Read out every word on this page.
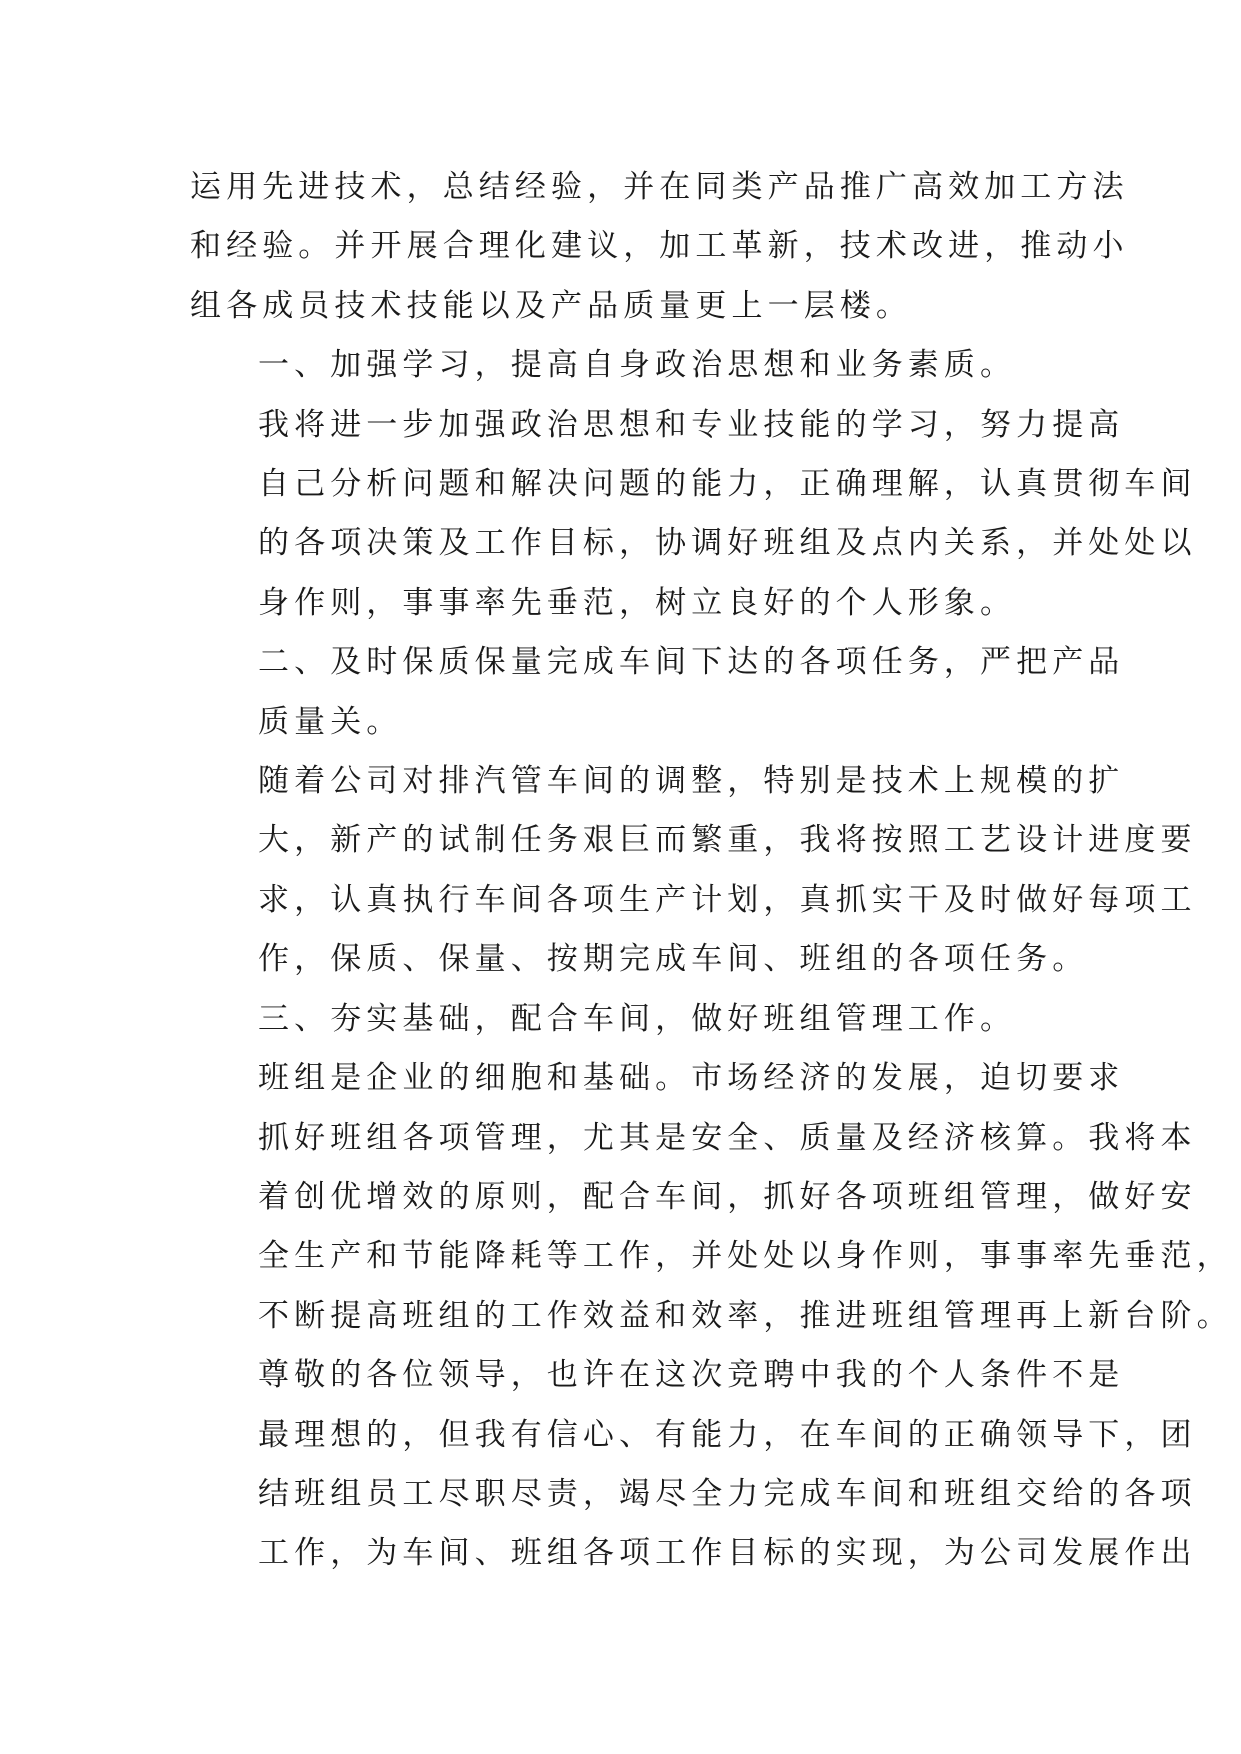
运用先进技术，总结经验，并在同类产品推广高效加工方法
和经验。并开展合理化建议，加工革新，技术改进，推动小
组各成员技术技能以及产品质量更上一层楼。

一、加强学习，提高自身政治思想和业务素质。

我将进一步加强政治思想和专业技能的学习，努力提高
自己分析问题和解决问题的能力，正确理解，认真贯彻车间
的各项决策及工作目标，协调好班组及点内关系，并处处以
身作则，事事率先垂范，树立良好的个人形象。

二、及时保质保量完成车间下达的各项任务，严把产品
质量关。

随着公司对排汽管车间的调整，特别是技术上规模的扩
大，新产的试制任务艰巨而繁重，我将按照工艺设计进度要
求，认真执行车间各项生产计划，真抓实干及时做好每项工
作，保质、保量、按期完成车间、班组的各项任务。

三、夯实基础，配合车间，做好班组管理工作。

班组是企业的细胞和基础。市场经济的发展，迫切要求
抓好班组各项管理，尤其是安全、质量及经济核算。我将本
着创优增效的原则，配合车间，抓好各项班组管理，做好安
全生产和节能降耗等工作，并处处以身作则，事事率先垂范，
不断提高班组的工作效益和效率，推进班组管理再上新台阶。

尊敬的各位领导，也许在这次竞聘中我的个人条件不是
最理想的，但我有信心、有能力，在车间的正确领导下，团
结班组员工尽职尽责，竭尽全力完成车间和班组交给的各项
工作，为车间、班组各项工作目标的实现，为公司发展作出
